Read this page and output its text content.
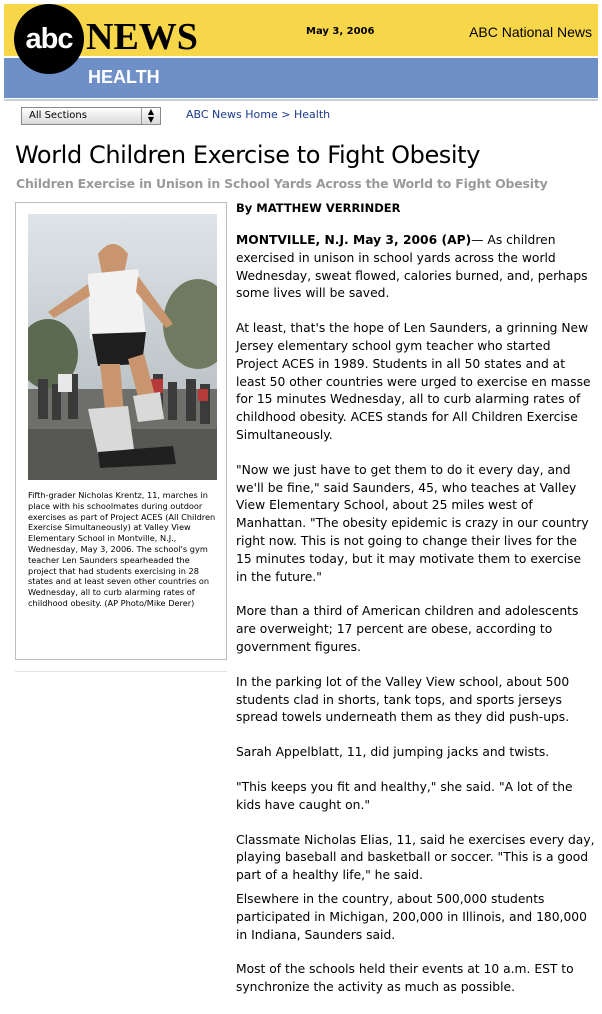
abc NEWS	May 3, 2006	ABC National News
HEALTH
All Sections	▲
▼	ABC News Home > Health
World Children Exercise to Fight Obesity
Children Exercise in Unison in School Yards Across the World to Fight Obesity
Fifth-grader Nicholas Krentz, 11, marches in place with his schoolmates during outdoor exercises as part of Project ACES (All Children Exercise Simultaneously) at Valley View Elementary School in Montville, N.J., Wednesday, May 3, 2006. The school's gym teacher Len Saunders spearheaded the project that had students exercising in 28 states and at least seven other countries on Wednesday, all to curb alarming rates of childhood obesity. (AP Photo/Mike Derer)
By MATTHEW VERRINDER

MONTVILLE, N.J. May 3, 2006 (AP)— As children exercised in unison in school yards across the world Wednesday, sweat flowed, calories burned, and, perhaps some lives will be saved.

At least, that's the hope of Len Saunders, a grinning New Jersey elementary school gym teacher who started Project ACES in 1989. Students in all 50 states and at least 50 other countries were urged to exercise en masse for 15 minutes Wednesday, all to curb alarming rates of childhood obesity. ACES stands for All Children Exercise Simultaneously.

"Now we just have to get them to do it every day, and we'll be fine," said Saunders, 45, who teaches at Valley View Elementary School, about 25 miles west of Manhattan. "The obesity epidemic is crazy in our country right now. This is not going to change their lives for the 15 minutes today, but it may motivate them to exercise in the future."

More than a third of American children and adolescents are overweight; 17 percent are obese, according to government figures.

In the parking lot of the Valley View school, about 500 students clad in shorts, tank tops, and sports jerseys spread towels underneath them as they did push-ups.

Sarah Appelblatt, 11, did jumping jacks and twists.

"This keeps you fit and healthy," she said. "A lot of the kids have caught on."

Classmate Nicholas Elias, 11, said he exercises every day, playing baseball and basketball or soccer. "This is a good part of a healthy life," he said.

Elsewhere in the country, about 500,000 students participated in Michigan, 200,000 in Illinois, and 180,000 in Indiana, Saunders said.

Most of the schools held their events at 10 a.m. EST to synchronize the activity as much as possible.
